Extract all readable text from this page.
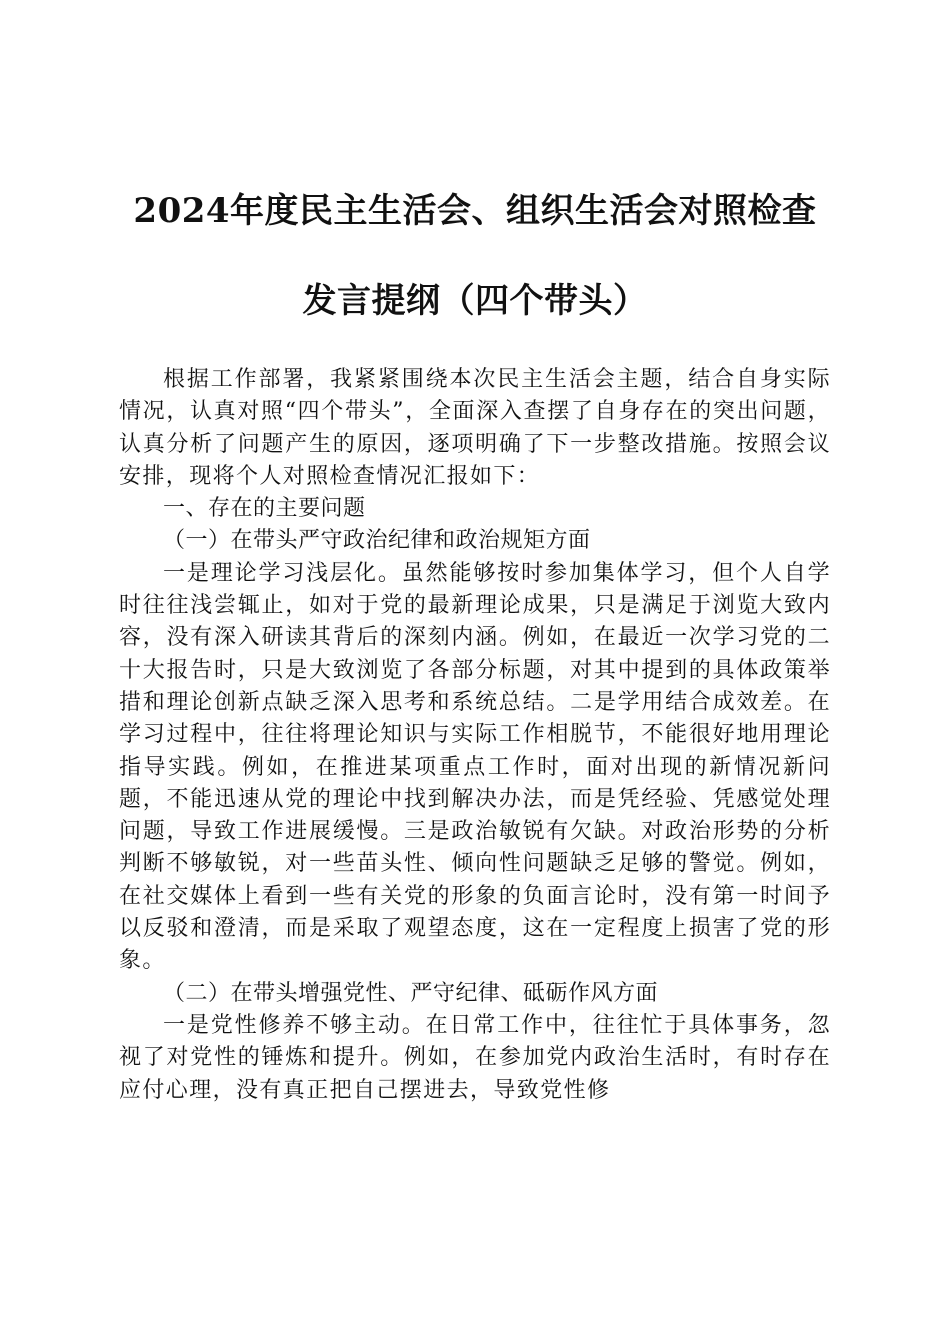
2024年度民主生活会、组织生活会对照检查
发言提纲（四个带头）

根据工作部署，我紧紧围绕本次民主生活会主题，结合自身实际情况，认真对照“四个带头”，全面深入查摆了自身存在的突出问题，认真分析了问题产生的原因，逐项明确了下一步整改措施。按照会议安排，现将个人对照检查情况汇报如下：

一、存在的主要问题

（一）在带头严守政治纪律和政治规矩方面

一是理论学习浅层化。虽然能够按时参加集体学习，但个人自学时往往浅尝辄止，如对于党的最新理论成果，只是满足于浏览大致内容，没有深入研读其背后的深刻内涵。例如，在最近一次学习党的二十大报告时，只是大致浏览了各部分标题，对其中提到的具体政策举措和理论创新点缺乏深入思考和系统总结。二是学用结合成效差。在学习过程中，往往将理论知识与实际工作相脱节，不能很好地用理论指导实践。例如，在推进某项重点工作时，面对出现的新情况新问题，不能迅速从党的理论中找到解决办法，而是凭经验、凭感觉处理问题，导致工作进展缓慢。三是政治敏锐有欠缺。对政治形势的分析判断不够敏锐，对一些苗头性、倾向性问题缺乏足够的警觉。例如，在社交媒体上看到一些有关党的形象的负面言论时，没有第一时间予以反驳和澄清，而是采取了观望态度，这在一定程度上损害了党的形象。

（二）在带头增强党性、严守纪律、砥砺作风方面

一是党性修养不够主动。在日常工作中，往往忙于具体事务，忽视了对党性的锤炼和提升。例如，在参加党内政治生活时，有时存在应付心理，没有真正把自己摆进去，导致党性修
